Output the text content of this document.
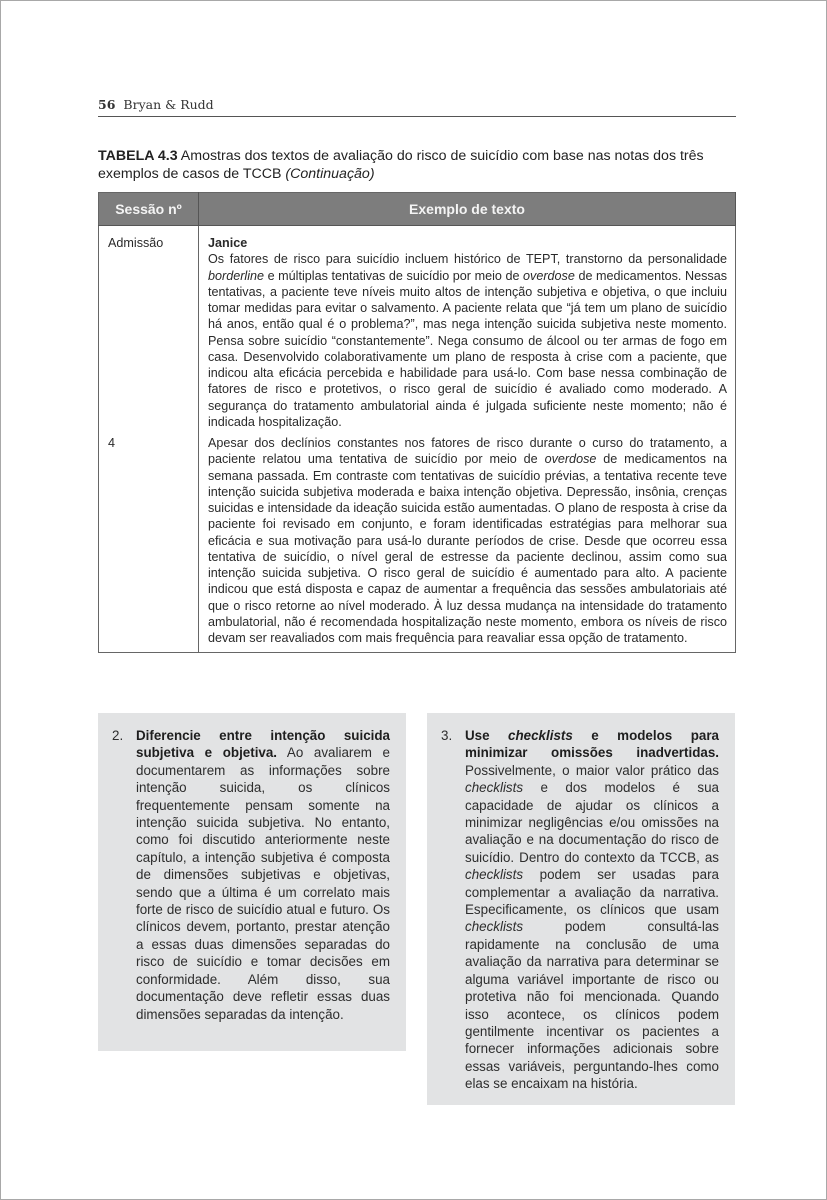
56 Bryan & Rudd
TABELA 4.3 Amostras dos textos de avaliação do risco de suicídio com base nas notas dos três exemplos de casos de TCCB (Continuação)
Sessão nº	Exemplo de texto
Admissão	Janice
Os fatores de risco para suicídio incluem histórico de TEPT, transtorno da personalidade borderline e múltiplas tentativas de suicídio por meio de overdose de medicamentos. Nessas tentativas, a paciente teve níveis muito altos de intenção subjetiva e objetiva, o que incluiu tomar medidas para evitar o salvamento. A paciente relata que “já tem um plano de suicídio há anos, então qual é o problema?”, mas nega intenção suicida subjetiva neste momento. Pensa sobre suicídio “constantemente”. Nega consumo de álcool ou ter armas de fogo em casa. Desenvolvido colaborativamente um plano de resposta à crise com a paciente, que indicou alta eficácia percebida e habilidade para usá-lo. Com base nessa combinação de fatores de risco e protetivos, o risco geral de suicídio é avaliado como moderado. A segurança do tratamento ambulatorial ainda é julgada suficiente neste momento; não é indicada hospitalização.
4	Apesar dos declínios constantes nos fatores de risco durante o curso do tratamento, a paciente relatou uma tentativa de suicídio por meio de overdose de medicamentos na semana passada. Em contraste com tentativas de suicídio prévias, a tentativa recente teve intenção suicida subjetiva moderada e baixa intenção objetiva. Depressão, insônia, crenças suicidas e intensidade da ideação suicida estão aumentadas. O plano de resposta à crise da paciente foi revisado em conjunto, e foram identificadas estratégias para melhorar sua eficácia e sua motivação para usá-lo durante períodos de crise. Desde que ocorreu essa tentativa de suicídio, o nível geral de estresse da paciente declinou, assim como sua intenção suicida subjetiva. O risco geral de suicídio é aumentado para alto. A paciente indicou que está disposta e capaz de aumentar a frequência das sessões ambulatoriais até que o risco retorne ao nível moderado. À luz dessa mudança na intensidade do tratamento ambulatorial, não é recomendada hospitalização neste momento, embora os níveis de risco devam ser reavaliados com mais frequência para reavaliar essa opção de tratamento.
2. Diferencie entre intenção suicida subjetiva e objetiva. Ao avaliarem e documentarem as informações sobre intenção suicida, os clínicos frequentemente pensam somente na intenção suicida subjetiva. No entanto, como foi discutido anteriormente neste capítulo, a intenção subjetiva é composta de dimensões subjetivas e objetivas, sendo que a última é um correlato mais forte de risco de suicídio atual e futuro. Os clínicos devem, portanto, prestar atenção a essas duas dimensões separadas do risco de suicídio e tomar decisões em conformidade. Além disso, sua documentação deve refletir essas duas dimensões separadas da intenção.
3. Use checklists e modelos para minimizar omissões inadvertidas. Possivelmente, o maior valor prático das checklists e dos modelos é sua capacidade de ajudar os clínicos a minimizar negligências e/ou omissões na avaliação e na documentação do risco de suicídio. Dentro do contexto da TCCB, as checklists podem ser usadas para complementar a avaliação da narrativa. Especificamente, os clínicos que usam checklists podem consultá-las rapidamente na conclusão de uma avaliação da narrativa para determinar se alguma variável importante de risco ou protetiva não foi mencionada. Quando isso acontece, os clínicos podem gentilmente incentivar os pacientes a fornecer informações adicionais sobre essas variáveis, perguntando-lhes como elas se encaixam na história.
